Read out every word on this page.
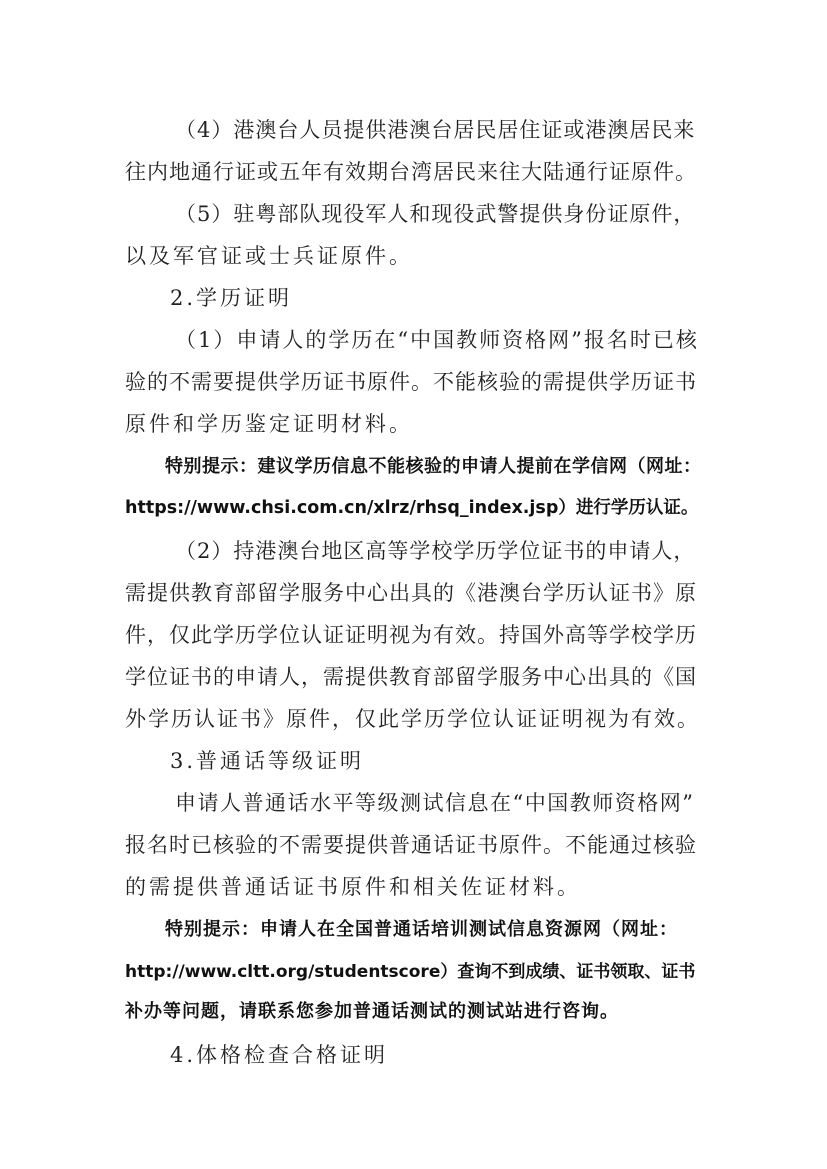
（4）港澳台人员提供港澳台居民居住证或港澳居民来

往内地通行证或五年有效期台湾居民来往大陆通行证原件。

（5）驻粤部队现役军人和现役武警提供身份证原件，

以及军官证或士兵证原件。

2.学历证明

（1）申请人的学历在“中国教师资格网”报名时已核

验的不需要提供学历证书原件。不能核验的需提供学历证书

原件和学历鉴定证明材料。

特别提示：建议学历信息不能核验的申请人提前在学信网（网址：

https://www.chsi.com.cn/xlrz/rhsq_index.jsp）进行学历认证。

（2）持港澳台地区高等学校学历学位证书的申请人，

需提供教育部留学服务中心出具的《港澳台学历认证书》原

件，仅此学历学位认证证明视为有效。持国外高等学校学历

学位证书的申请人，需提供教育部留学服务中心出具的《国

外学历认证书》原件，仅此学历学位认证证明视为有效。

3.普通话等级证明

申请人普通话水平等级测试信息在“中国教师资格网”

报名时已核验的不需要提供普通话证书原件。不能通过核验

的需提供普通话证书原件和相关佐证材料。

特别提示：申请人在全国普通话培训测试信息资源网（网址：

http://www.cltt.org/studentscore）查询不到成绩、证书领取、证书

补办等问题，请联系您参加普通话测试的测试站进行咨询。

4.体格检查合格证明
